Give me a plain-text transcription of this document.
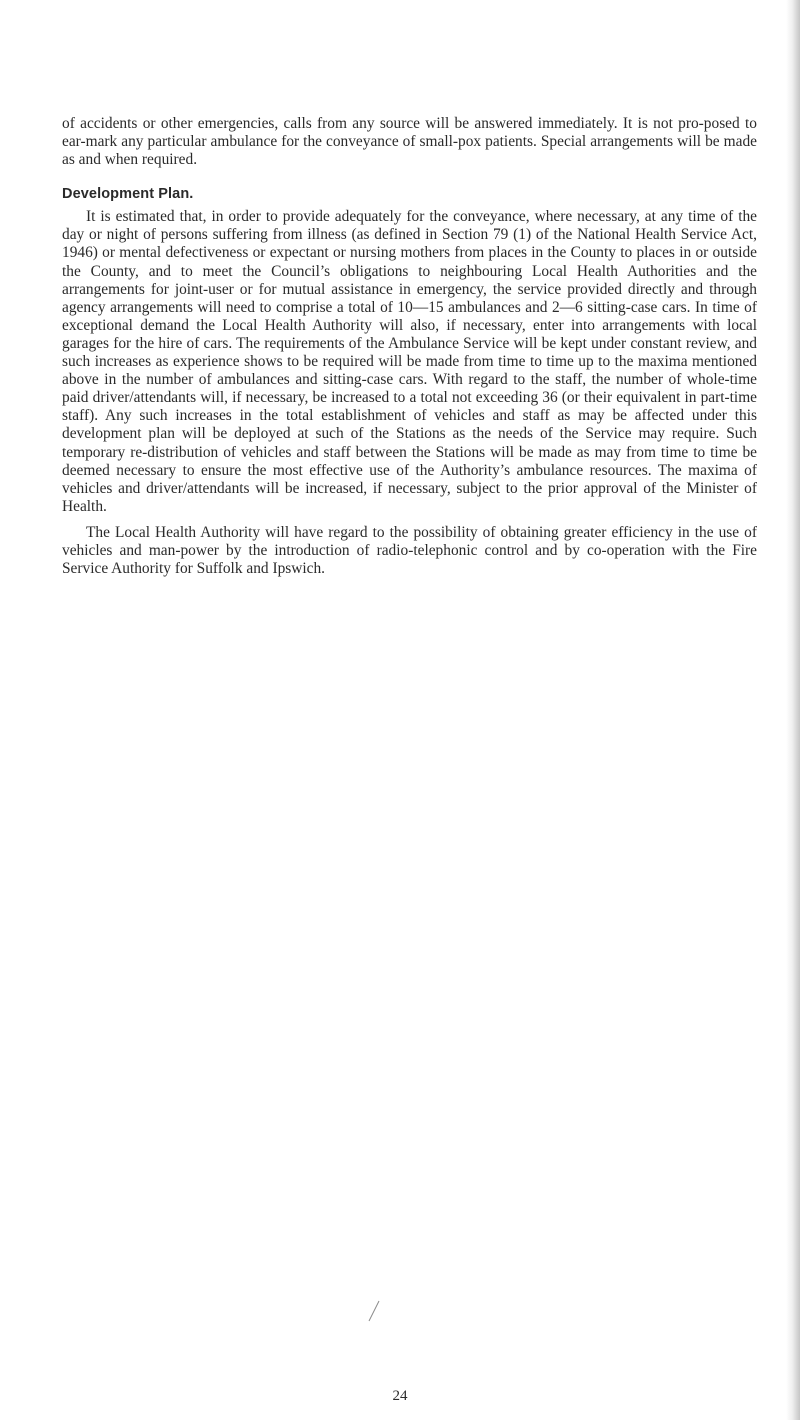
of accidents or other emergencies, calls from any source will be answered immediately. It is not pro-posed to ear-mark any particular ambulance for the conveyance of small-pox patients. Special arrangements will be made as and when required.

Development Plan.

It is estimated that, in order to provide adequately for the conveyance, where necessary, at any time of the day or night of persons suffering from illness (as defined in Section 79 (1) of the National Health Service Act, 1946) or mental defectiveness or expectant or nursing mothers from places in the County to places in or outside the County, and to meet the Council’s obligations to neighbouring Local Health Authorities and the arrangements for joint-user or for mutual assistance in emergency, the service provided directly and through agency arrangements will need to comprise a total of 10—15 ambulances and 2—6 sitting-case cars. In time of exceptional demand the Local Health Authority will also, if necessary, enter into arrangements with local garages for the hire of cars. The requirements of the Ambulance Service will be kept under constant review, and such increases as experience shows to be required will be made from time to time up to the maxima mentioned above in the number of ambulances and sitting-case cars. With regard to the staff, the number of whole-time paid driver/attendants will, if necessary, be increased to a total not exceeding 36 (or their equivalent in part-time staff). Any such increases in the total establishment of vehicles and staff as may be affected under this development plan will be deployed at such of the Stations as the needs of the Service may require. Such temporary re-distribution of vehicles and staff between the Stations will be made as may from time to time be deemed necessary to ensure the most effective use of the Authority’s ambulance resources. The maxima of vehicles and driver/attendants will be increased, if necessary, subject to the prior approval of the Minister of Health.

The Local Health Authority will have regard to the possibility of obtaining greater efficiency in the use of vehicles and man-power by the introduction of radio-telephonic control and by co-operation with the Fire Service Authority for Suffolk and Ipswich.

24
